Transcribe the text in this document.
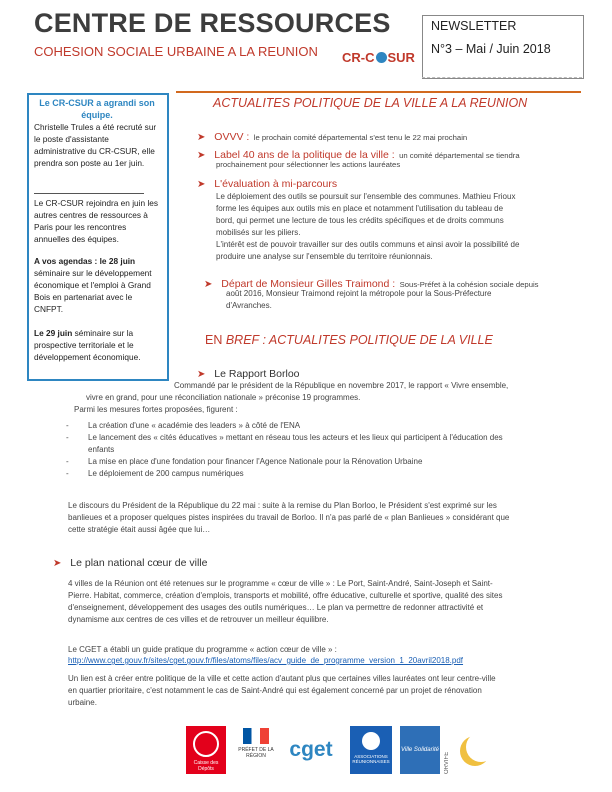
CENTRE DE RESSOURCES
COHESION SOCIALE URBAINE A LA REUNION CR-C SUR
NEWSLETTER
N°3 – Mai / Juin 2018
Le CR-CSUR a agrandi son équipe.
Christelle Trules a été recruté sur le poste d'assistante administrative du CR-CSUR, elle prendra son poste au 1er juin.
Le CR-CSUR rejoindra en juin les autres centres de ressources à Paris pour les rencontres annuelles des équipes.
A vos agendas : le 28 juin séminaire sur le développement économique et l'emploi à Grand Bois en partenariat avec le CNFPT.
Le 29 juin séminaire sur la prospective territoriale et le développement économique.
ACTUALITES POLITIQUE DE LA VILLE A LA REUNION
➤ OVVV : le prochain comité départemental s'est tenu le 22 mai prochain
➤ Label 40 ans de la politique de la ville : un comité départemental se tiendra
prochainement pour sélectionner les actions lauréates
➤ L'évaluation à mi-parcours
Le déploiement des outils se poursuit sur l'ensemble des communes. Mathieu Frioux
forme les équipes aux outils mis en place et notamment l'utilisation du tableau de
bord, qui permet une lecture de tous les crédits spécifiques et de droits communs
mobilisés sur les piliers.
L'intérêt est de pouvoir travailler sur des outils communs et ainsi avoir la possibilité de
produire une analyse sur l'ensemble du territoire réunionnais.
➤ Départ de Monsieur Gilles Traimond : Sous-Préfet à la cohésion sociale depuis
août 2016, Monsieur Traimond rejoint la métropole pour la Sous-Préfecture
d'Avranches.
EN BREF : ACTUALITES POLITIQUE DE LA VILLE
➤ Le Rapport Borloo
Commandé par le président de la République en novembre 2017, le rapport « Vivre ensemble,
vivre en grand, pour une réconciliation nationale » préconise 19 programmes.
Parmi les mesures fortes proposées, figurent :
- La création d'une « académie des leaders » à côté de l'ENA
- Le lancement des « cités éducatives » mettant en réseau tous les acteurs et les lieux qui participent à l'éducation des
enfants
- La mise en place d'une fondation pour financer l'Agence Nationale pour la Rénovation Urbaine
- Le déploiement de 200 campus numériques
Le discours du Président de la République du 22 mai : suite à la remise du Plan Borloo, le Président s'est exprimé sur les
banlieues et a proposer quelques pistes inspirées du travail de Borloo. Il n'a pas parlé de « plan Banlieues » considérant que
cette stratégie était aussi âgée que lui…
➤ Le plan national cœur de ville
4 villes de la Réunion ont été retenues sur le programme « cœur de ville » : Le Port, Saint-André, Saint-Joseph et Saint-
Pierre. Habitat, commerce, création d'emplois, transports et mobilité, offre éducative, culturelle et sportive, qualité des sites
d'enseignement, développement des usages des outils numériques… Le plan va permettre de redonner attractivité et
dynamisme aux centres de ces villes et de retrouver un meilleur équilibre.
Le CGET a établi un guide pratique du programme « action cœur de ville » :
http://www.cget.gouv.fr/sites/cget.gouv.fr/files/atoms/files/acv_guide_de_programme_version_1_20avril2018.pdf
Un lien est à créer entre politique de la ville et cette action d'autant plus que certaines villes lauréates ont leur centre-ville
en quartier prioritaire, c'est notamment le cas de Saint-André qui est également concerné par un projet de rénovation
urbaine.
Caisse des Dépôts
PRÉFET DE LA RÉGION	cget	ASSOCIATIONS RÉUNIONNAISES
Ville Solidarité
ORVIFE
